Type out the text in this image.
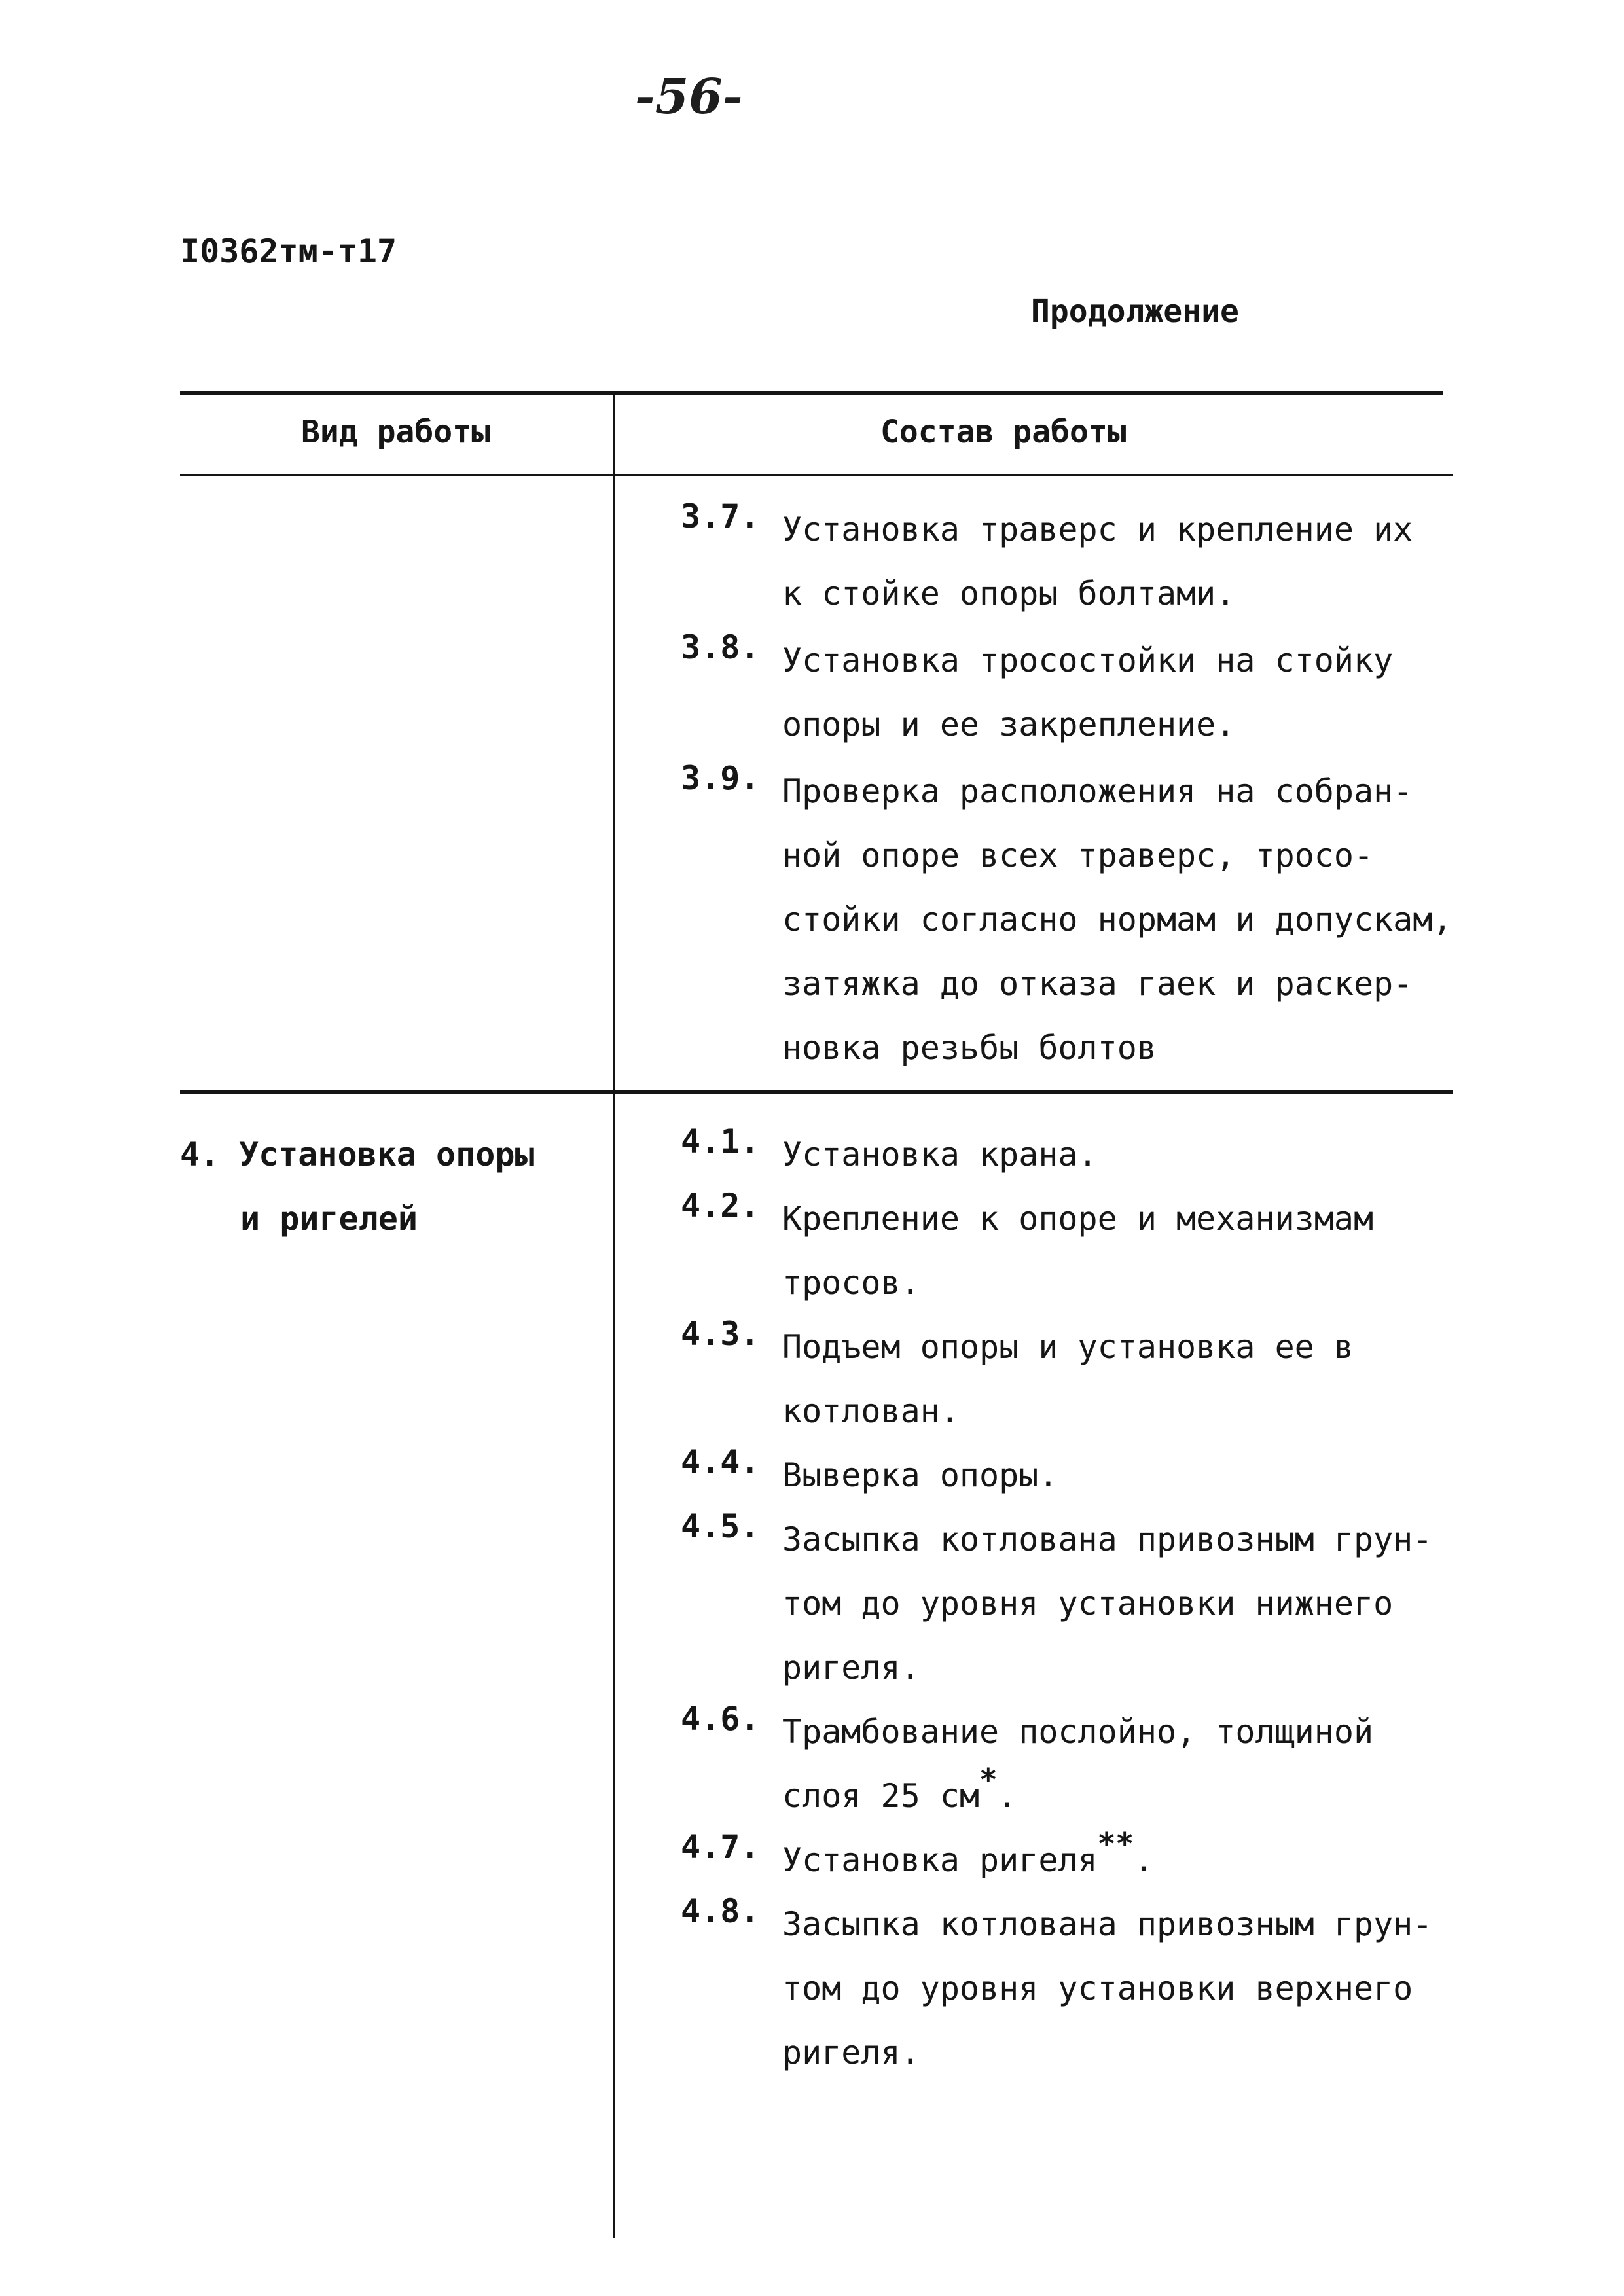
-56-
I0362тм-т17
Продолжение
Вид работы	Состав работы
3.7. Установка траверс и крепление их
к стойке опоры болтами.
3.8. Установка тросостойки на стойку
опоры и ее закрепление.
3.9. Проверка расположения на собран-
ной опоре всех траверс, тросо-
стойки согласно нормам и допускам,
затяжка до отказа гаек и раскер-
новка резьбы болтов
4. Установка опоры
и ригелей
4.1. Установка крана.
4.2. Крепление к опоре и механизмам
тросов.
4.3. Подъем опоры и установка ее в
котлован.
4.4. Выверка опоры.
4.5. Засыпка котлована привозным грун-
том до уровня установки нижнего
ригеля.
4.6. Трамбование послойно, толщиной
слоя 25 см*.
4.7. Установка ригеля**.
4.8. Засыпка котлована привозным грун-
том до уровня установки верхнего
ригеля.
